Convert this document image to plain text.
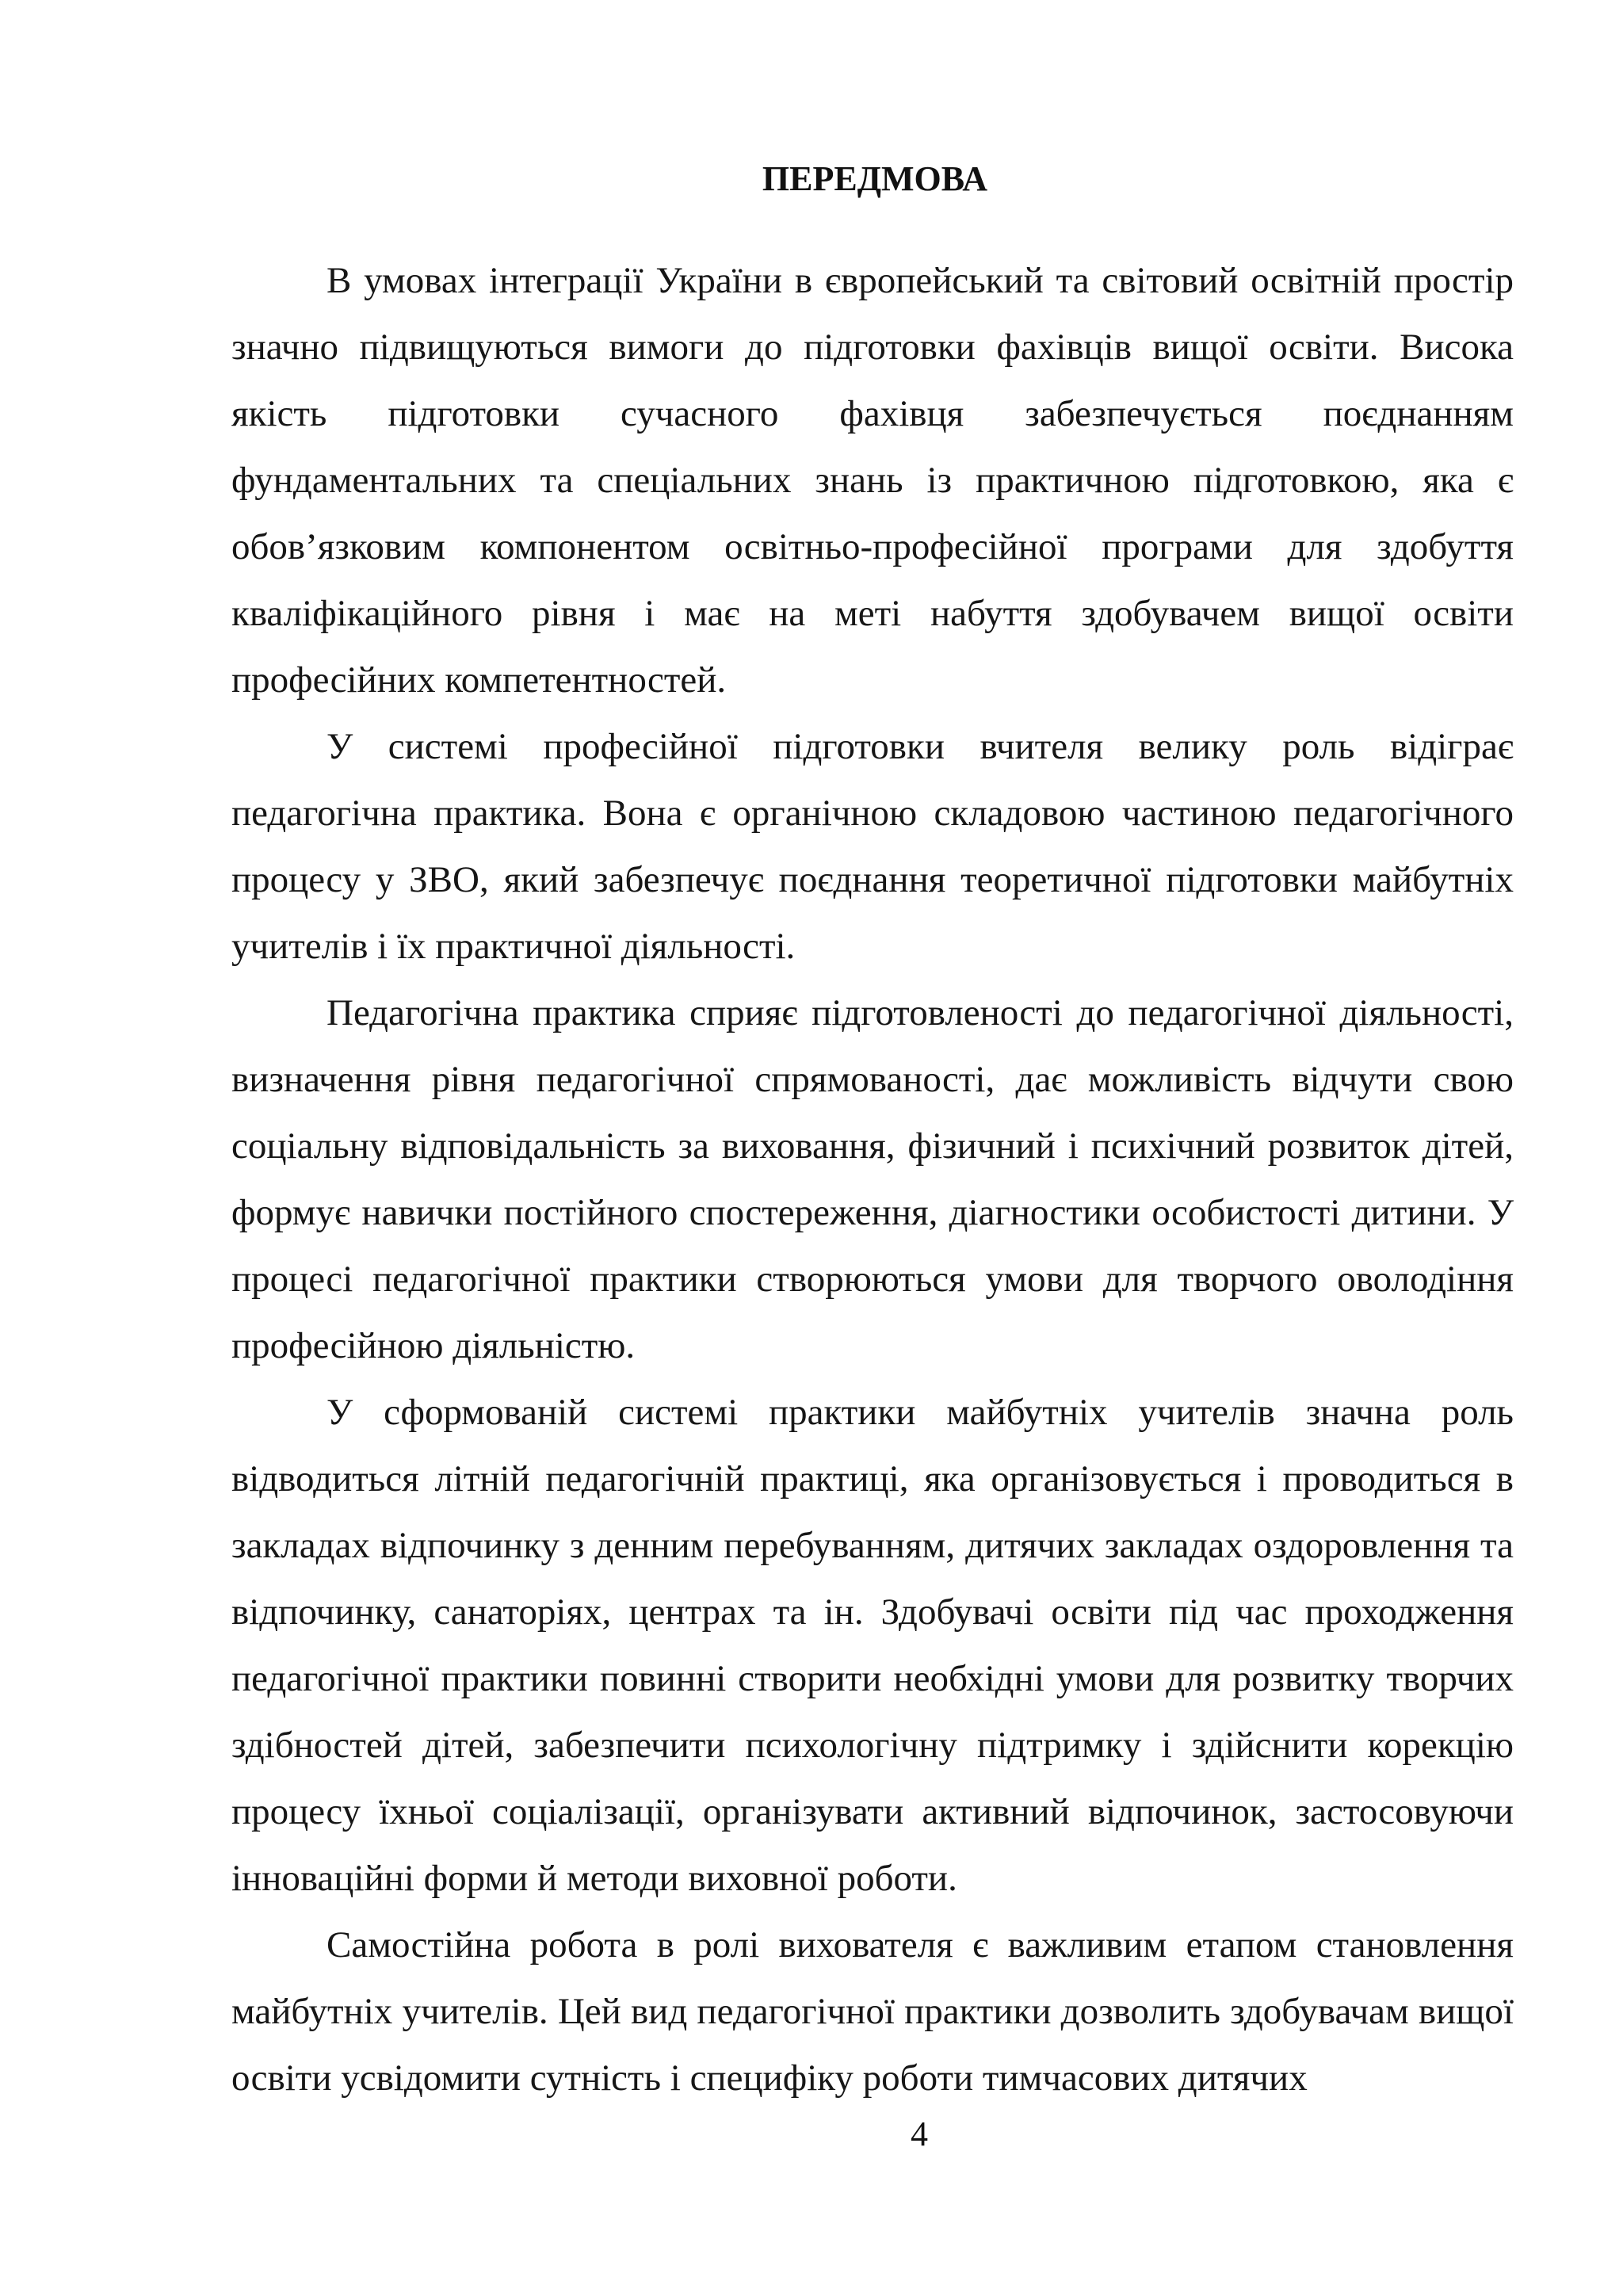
ПЕРЕДМОВА

В умовах інтеграції України в європейський та світовий освітній простір значно підвищуються вимоги до підготовки фахівців вищої освіти. Висока якість підготовки сучасного фахівця забезпечується поєднанням фундаментальних та спеціальних знань із практичною підготовкою, яка є обов’язковим компонентом освітньо-професійної програми для здобуття кваліфікаційного рівня і має на меті набуття здобувачем вищої освіти професійних компетентностей.

У системі професійної підготовки вчителя велику роль відіграє педагогічна практика. Вона є органічною складовою частиною педагогічного процесу у ЗВО, який забезпечує поєднання теоретичної підготовки майбутніх учителів і їх практичної діяльності.

Педагогічна практика сприяє підготовленості до педагогічної діяльності, визначення рівня педагогічної спрямованості, дає можливість відчути свою соціальну відповідальність за виховання, фізичний і психічний розвиток дітей, формує навички постійного спостереження, діагностики особистості дитини. У процесі педагогічної практики створюються умови для творчого оволодіння професійною діяльністю.

У сформованій системі практики майбутніх учителів значна роль відводиться літній педагогічній практиці, яка організовується і проводиться в закладах відпочинку з денним перебуванням, дитячих закладах оздоровлення та відпочинку, санаторіях, центрах та ін. Здобувачі освіти під час проходження педагогічної практики повинні створити необхідні умови для розвитку творчих здібностей дітей, забезпечити психологічну підтримку і здійснити корекцію процесу їхньої соціалізації, організувати активний відпочинок, застосовуючи інноваційні форми й методи виховної роботи.

Самостійна робота в ролі вихователя є важливим етапом становлення майбутніх учителів. Цей вид педагогічної практики дозволить здобувачам вищої освіти усвідомити сутність і специфіку роботи тимчасових дитячих

4
